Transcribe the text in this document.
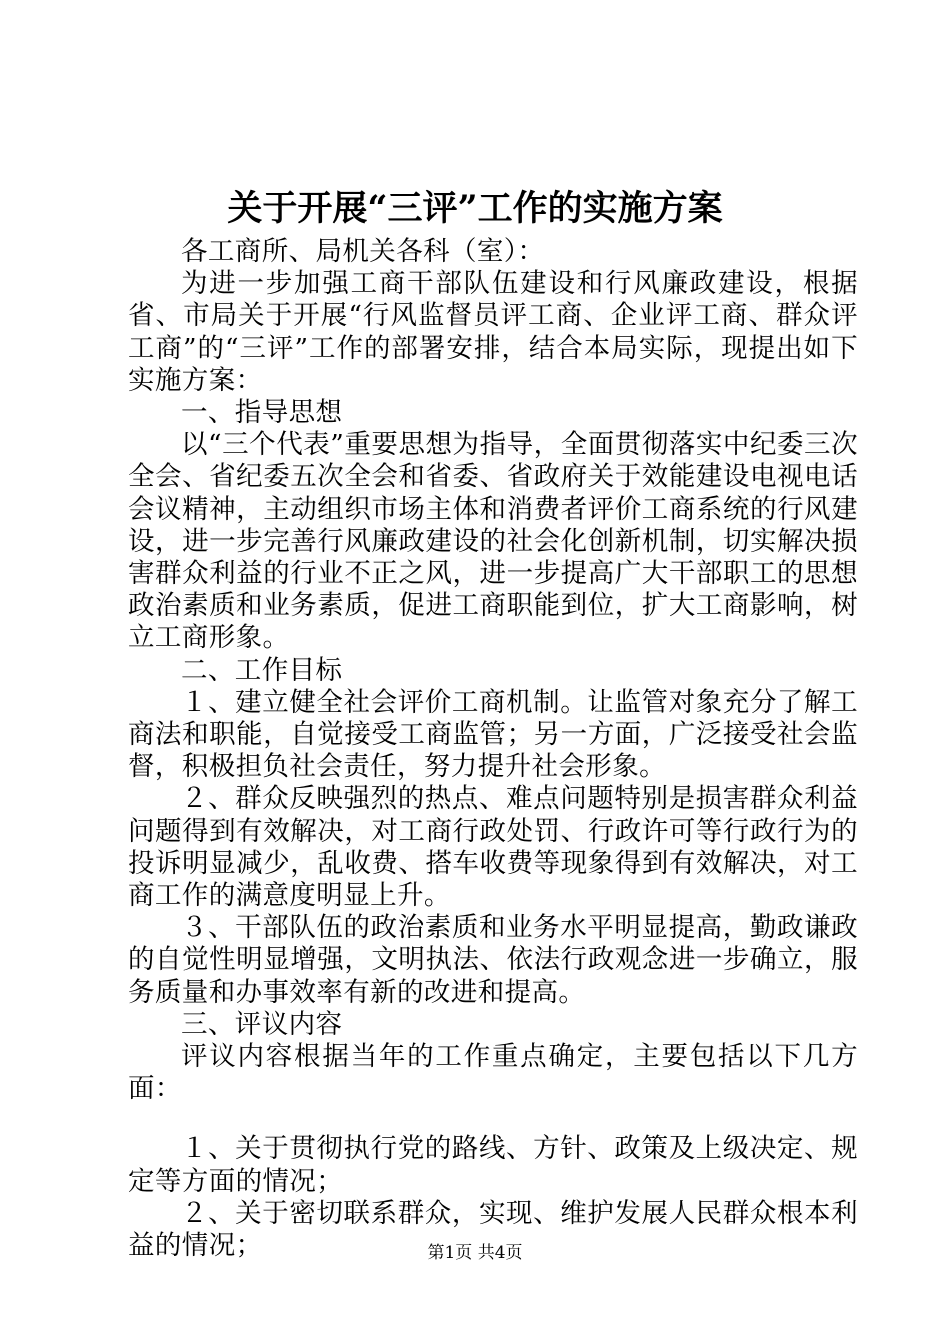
关于开展“三评”工作的实施方案

各工商所、局机关各科（室）：

为进一步加强工商干部队伍建设和行风廉政建设，根据省、市局关于开展“行风监督员评工商、企业评工商、群众评工商”的“三评”工作的部署安排，结合本局实际，现提出如下实施方案：

一、指导思想

以“三个代表”重要思想为指导，全面贯彻落实中纪委三次全会、省纪委五次全会和省委、省政府关于效能建设电视电话会议精神，主动组织市场主体和消费者评价工商系统的行风建设，进一步完善行风廉政建设的社会化创新机制，切实解决损害群众利益的行业不正之风，进一步提高广大干部职工的思想政治素质和业务素质，促进工商职能到位，扩大工商影响，树立工商形象。

二、工作目标

１、建立健全社会评价工商机制。让监管对象充分了解工商法和职能，自觉接受工商监管；另一方面，广泛接受社会监督，积极担负社会责任，努力提升社会形象。

２、群众反映强烈的热点、难点问题特别是损害群众利益问题得到有效解决，对工商行政处罚、行政许可等行政行为的投诉明显减少，乱收费、搭车收费等现象得到有效解决，对工商工作的满意度明显上升。

３、干部队伍的政治素质和业务水平明显提高，勤政谦政的自觉性明显增强，文明执法、依法行政观念进一步确立，服务质量和办事效率有新的改进和提高。

三、评议内容

评议内容根据当年的工作重点确定，主要包括以下几方面：

１、关于贯彻执行党的路线、方针、政策及上级决定、规定等方面的情况；

２、关于密切联系群众，实现、维护发展人民群众根本利益的情况；	第1页 共4页
